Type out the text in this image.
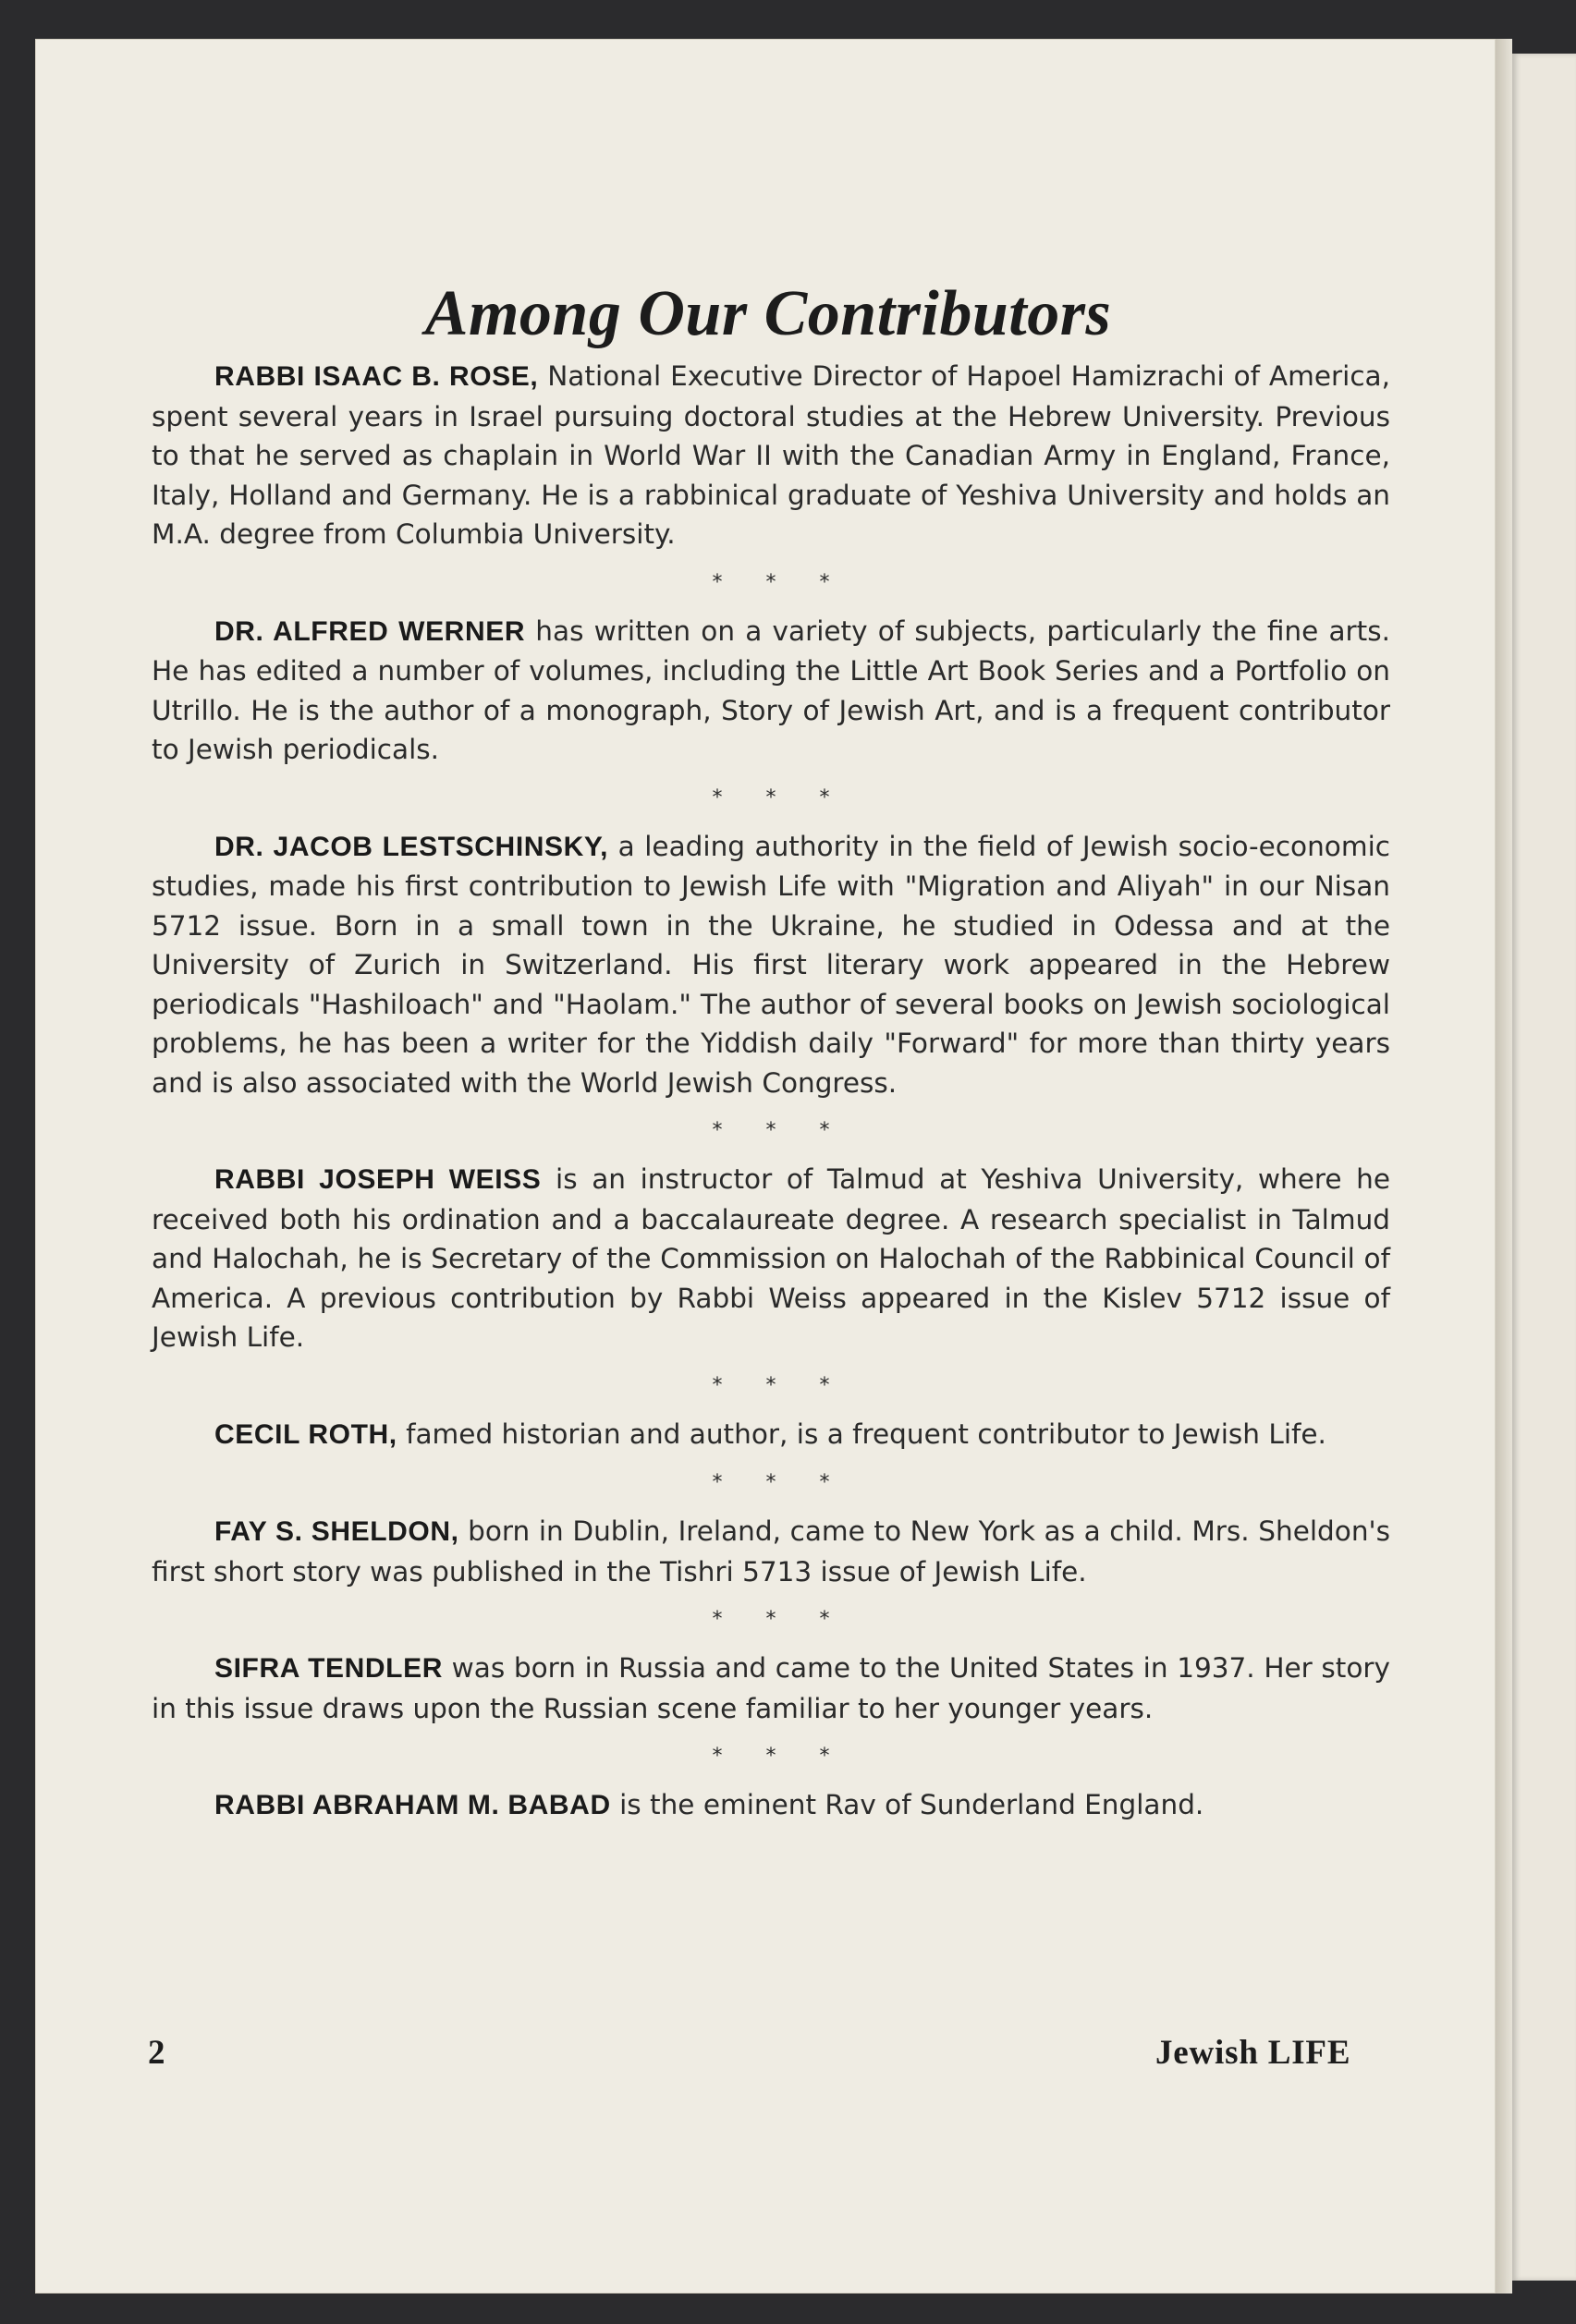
Among Our Contributors

RABBI ISAAC B. ROSE, National Executive Director of Hapoel Hamizrachi of America, spent several years in Israel pursuing doctoral studies at the Hebrew University. Previous to that he served as chaplain in World War II with the Canadian Army in England, France, Italy, Holland and Germany. He is a rabbinical graduate of Yeshiva University and holds an M.A. degree from Columbia University.

* * *

DR. ALFRED WERNER has written on a variety of subjects, particularly the fine arts. He has edited a number of volumes, including the Little Art Book Series and a Portfolio on Utrillo. He is the author of a monograph, Story of Jewish Art, and is a frequent contributor to Jewish periodicals.

* * *

DR. JACOB LESTSCHINSKY, a leading authority in the field of Jewish socio-economic studies, made his first contribution to Jewish Life with "Migration and Aliyah" in our Nisan 5712 issue. Born in a small town in the Ukraine, he studied in Odessa and at the University of Zurich in Switzerland. His first literary work appeared in the Hebrew periodicals "Hashiloach" and "Haolam." The author of several books on Jewish sociological problems, he has been a writer for the Yiddish daily "Forward" for more than thirty years and is also associated with the World Jewish Congress.

* * *

RABBI JOSEPH WEISS is an instructor of Talmud at Yeshiva University, where he received both his ordination and a baccalaureate degree. A research specialist in Talmud and Halochah, he is Secretary of the Commission on Halochah of the Rabbinical Council of America. A previous contribution by Rabbi Weiss appeared in the Kislev 5712 issue of Jewish Life.

* * *

CECIL ROTH, famed historian and author, is a frequent contributor to Jewish Life.

* * *

FAY S. SHELDON, born in Dublin, Ireland, came to New York as a child. Mrs. Sheldon's first short story was published in the Tishri 5713 issue of Jewish Life.

* * *

SIFRA TENDLER was born in Russia and came to the United States in 1937. Her story in this issue draws upon the Russian scene familiar to her younger years.

* * *

RABBI ABRAHAM M. BABAD is the eminent Rav of Sunderland England.

2	Jewish LIFE
